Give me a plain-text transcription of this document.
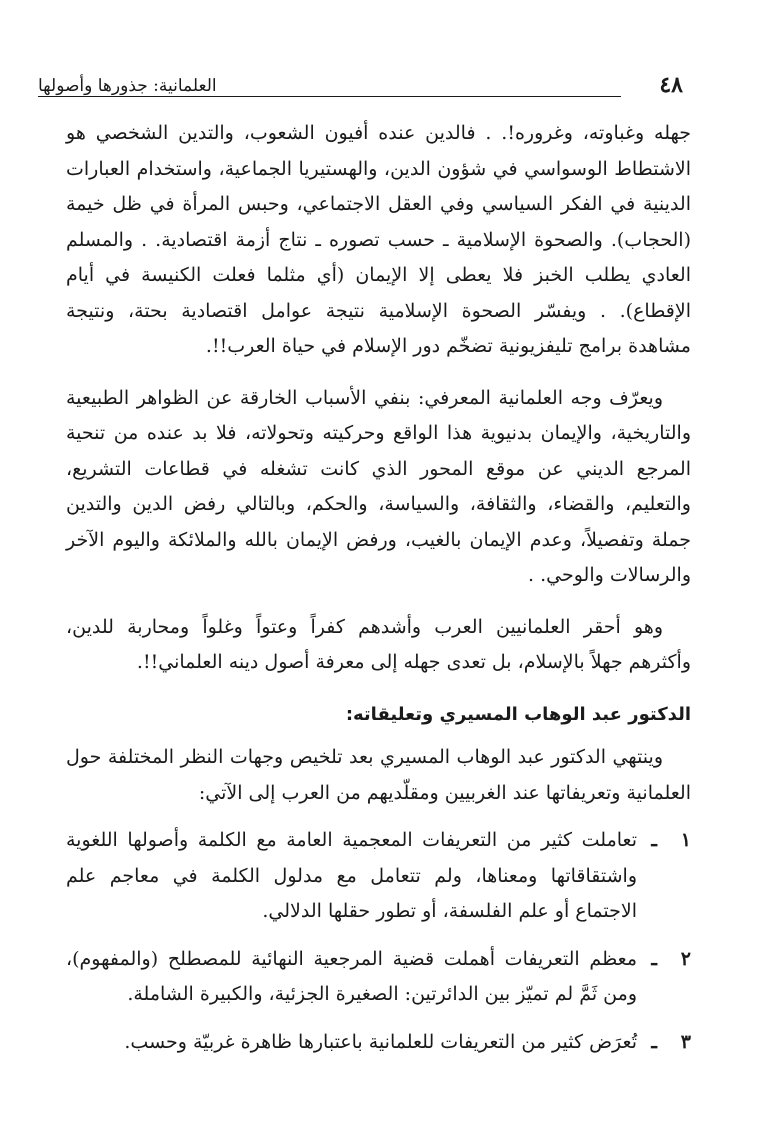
٤٨
العلمانية: جذورها وأصولها

جهله وغباوته، وغروره!. . فالدين عنده أفيون الشعوب، والتدين الشخصي هو الاشتطاط الوسواسي في شؤون الدين، والهستيريا الجماعية، واستخدام العبارات الدينية في الفكر السياسي وفي العقل الاجتماعي، وحبس المرأة في ظل خيمة (الحجاب). والصحوة الإسلامية ـ حسب تصوره ـ نتاج أزمة اقتصادية. . والمسلم العادي يطلب الخبز فلا يعطى إلا الإيمان (أي مثلما فعلت الكنيسة في أيام الإقطاع). . ويفسّر الصحوة الإسلامية نتيجة عوامل اقتصادية بحتة، ونتيجة مشاهدة برامج تليفزيونية تضخّم دور الإسلام في حياة العرب!!.

ويعرّف وجه العلمانية المعرفي: بنفي الأسباب الخارقة عن الظواهر الطبيعية والتاريخية، والإيمان بدنيوية هذا الواقع وحركيته وتحولاته، فلا بد عنده من تنحية المرجع الديني عن موقع المحور الذي كانت تشغله في قطاعات التشريع، والتعليم، والقضاء، والثقافة، والسياسة، والحكم، وبالتالي رفض الدين والتدين جملة وتفصيلاً، وعدم الإيمان بالغيب، ورفض الإيمان بالله والملائكة واليوم الآخر والرسالات والوحي. .

وهو أحقر العلمانيين العرب وأشدهم كفراً وعتواً وغلواً ومحاربة للدين، وأكثرهم جهلاً بالإسلام، بل تعدى جهله إلى معرفة أصول دينه العلماني!!.

الدكتور عبد الوهاب المسيري وتعليقاته:

وينتهي الدكتور عبد الوهاب المسيري بعد تلخيص وجهات النظر المختلفة حول العلمانية وتعريفاتها عند الغربيين ومقلّديهم من العرب إلى الآتي:

١
ـ
تعاملت كثير من التعريفات المعجمية العامة مع الكلمة وأصولها اللغوية واشتقاقاتها ومعناها، ولم تتعامل مع مدلول الكلمة في معاجم علم الاجتماع أو علم الفلسفة، أو تطور حقلها الدلالي.
٢
ـ
معظم التعريفات أهملت قضية المرجعية النهائية للمصطلح (والمفهوم)، ومن ثَمَّ لم تميّز بين الدائرتين: الصغيرة الجزئية، والكبيرة الشاملة.
٣
ـ
تُعرَض كثير من التعريفات للعلمانية باعتبارها ظاهرة غربيّة وحسب.
